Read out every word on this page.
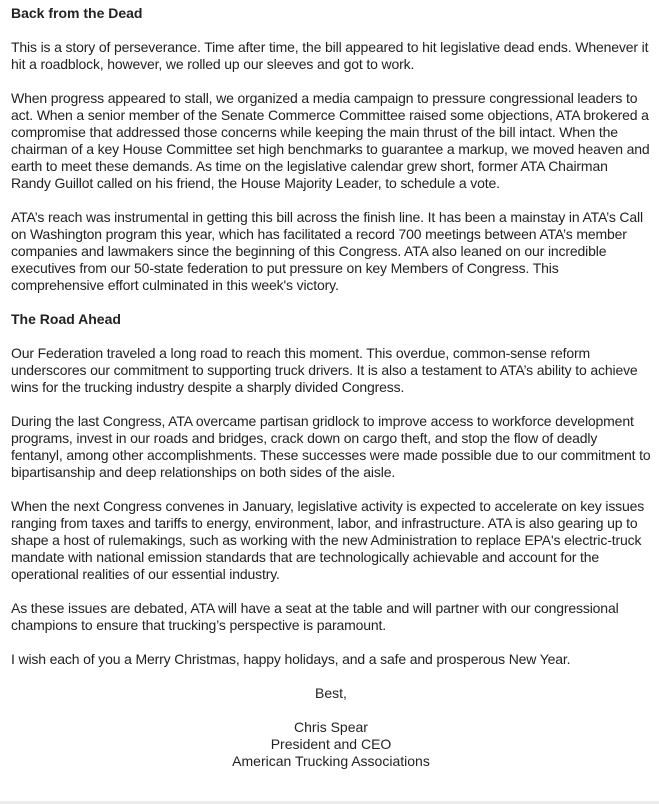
Back from the Dead

This is a story of perseverance. Time after time, the bill appeared to hit legislative dead ends. Whenever it hit a roadblock, however, we rolled up our sleeves and got to work.

When progress appeared to stall, we organized a media campaign to pressure congressional leaders to act. When a senior member of the Senate Commerce Committee raised some objections, ATA brokered a compromise that addressed those concerns while keeping the main thrust of the bill intact. When the chairman of a key House Committee set high benchmarks to guarantee a markup, we moved heaven and earth to meet these demands. As time on the legislative calendar grew short, former ATA Chairman Randy Guillot called on his friend, the House Majority Leader, to schedule a vote.

ATA’s reach was instrumental in getting this bill across the finish line. It has been a mainstay in ATA’s Call on Washington program this year, which has facilitated a record 700 meetings between ATA’s member companies and lawmakers since the beginning of this Congress. ATA also leaned on our incredible executives from our 50-state federation to put pressure on key Members of Congress. This comprehensive effort culminated in this week's victory.

The Road Ahead

Our Federation traveled a long road to reach this moment. This overdue, common-sense reform underscores our commitment to supporting truck drivers. It is also a testament to ATA’s ability to achieve wins for the trucking industry despite a sharply divided Congress.

During the last Congress, ATA overcame partisan gridlock to improve access to workforce development programs, invest in our roads and bridges, crack down on cargo theft, and stop the flow of deadly fentanyl, among other accomplishments. These successes were made possible due to our commitment to bipartisanship and deep relationships on both sides of the aisle.

When the next Congress convenes in January, legislative activity is expected to accelerate on key issues ranging from taxes and tariffs to energy, environment, labor, and infrastructure. ATA is also gearing up to shape a host of rulemakings, such as working with the new Administration to replace EPA's electric-truck mandate with national emission standards that are technologically achievable and account for the operational realities of our essential industry.

As these issues are debated, ATA will have a seat at the table and will partner with our congressional champions to ensure that trucking’s perspective is paramount.

I wish each of you a Merry Christmas, happy holidays, and a safe and prosperous New Year.

Best,

Chris Spear
President and CEO
American Trucking Associations
